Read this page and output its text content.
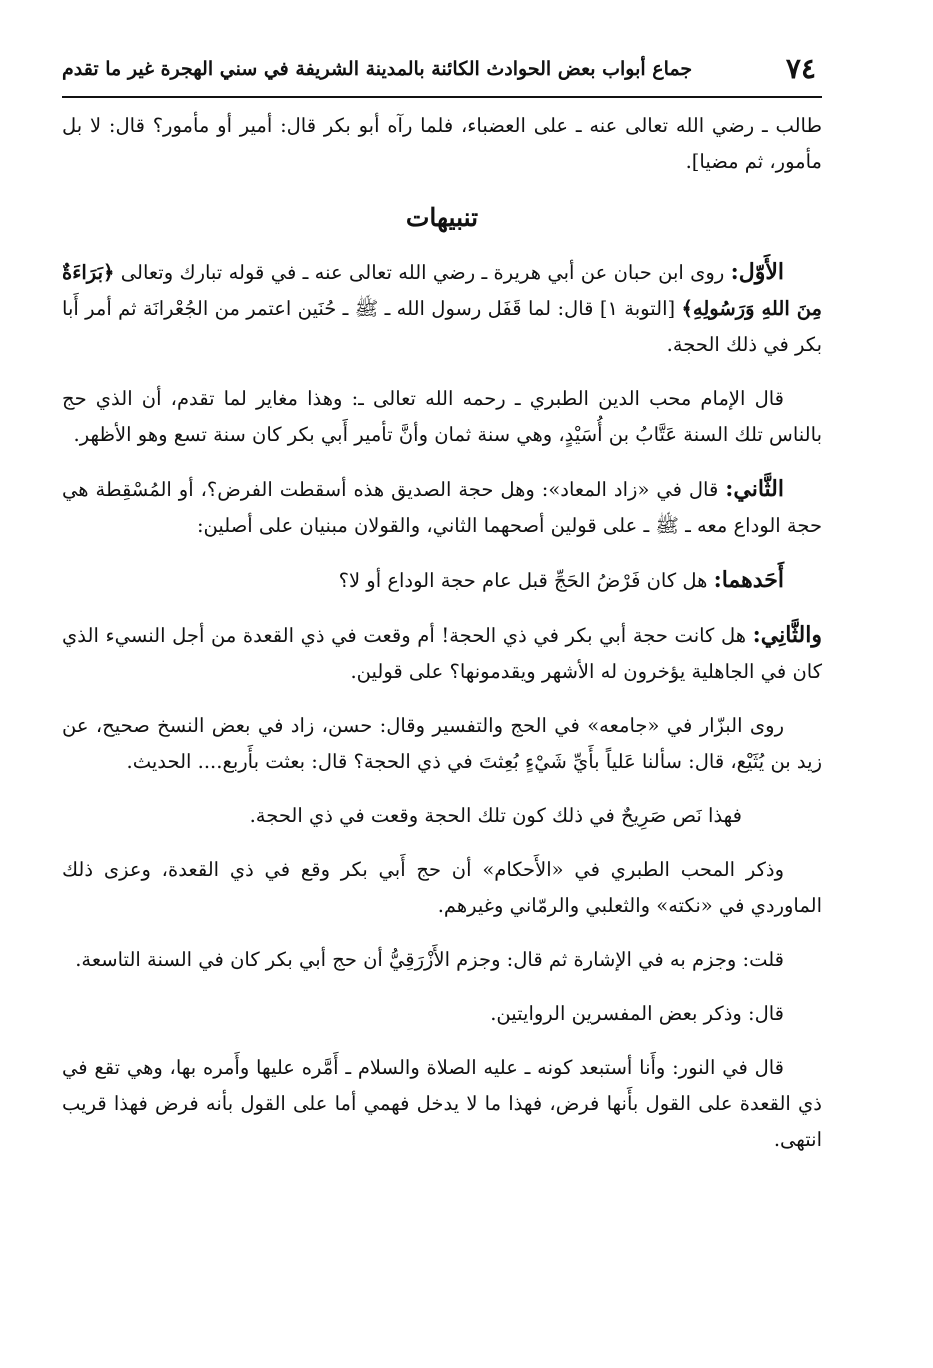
٧٤
جماع أبواب بعض الحوادث الكائنة بالمدينة الشريفة في سني الهجرة غير ما تقدم

طالب ـ رضي الله تعالى عنه ـ على العضباء، فلما رآه أبو بكر قال: أمير أو مأمور؟ قال: لا بل مأمور، ثم مضيا].

تنبيهات

الأَوّل: روى ابن حبان عن أبي هريرة ـ رضي الله تعالى عنه ـ في قوله تبارك وتعالى ﴿بَرَاءَةٌ مِنَ اللهِ وَرَسُولِهِ﴾ [التوبة ١] قال: لما قَفَل رسول الله ـ ﷺ ـ حُنَين اعتمر من الجُعْرانَة ثم أمر أَبا بكر في ذلك الحجة.

قال الإمام محب الدين الطبري ـ رحمه الله تعالى ـ: وهذا مغاير لما تقدم، أن الذي حج بالناس تلك السنة عَتَّابُ بن أُسَيْدٍ، وهي سنة ثمان وأنَّ تأمير أَبي بكر كان سنة تسع وهو الأظهر.

الثَّاني: قال في «زاد المعاد»: وهل حجة الصديق هذه أسقطت الفرض؟، أو المُسْقِطة هي حجة الوداع معه ـ ﷺ ـ على قولين أصحهما الثاني، والقولان مبنيان على أصلين:

أَحَدهما: هل كان فَرْضُ الحَجِّ قبل عام حجة الوداع أو لا؟

والثَّانِي: هل كانت حجة أبي بكر في ذي الحجة! أم وقعت في ذي القعدة من أجل النسيء الذي كان في الجاهلية يؤخرون له الأشهر ويقدمونها؟ على قولين.

روى البزّار في «جامعه» في الحج والتفسير وقال: حسن، زاد في بعض النسخ صحيح، عن زيد بن يُثَيْع، قال: سألنا عَلياً بأَيِّ شَيْءٍ بُعِثتَ في ذي الحجة؟ قال: بعثت بأَربع.... الحديث.

فهذا نَص صَرِيحٌ في ذلك كون تلك الحجة وقعت في ذي الحجة.

وذكر المحب الطبري في «الأَحكام» أن حج أَبي بكر وقع في ذي القعدة، وعزى ذلك الماوردي في «نكته» والثعلبي والرمّاني وغيرهم.

قلت: وجزم به في الإشارة ثم قال: وجزم الأَزْرَقِيُّ أن حج أبي بكر كان في السنة التاسعة.

قال: وذكر بعض المفسرين الروايتين.

قال في النور: وأَنا أستبعد كونه ـ عليه الصلاة والسلام ـ أَمَّره عليها وأَمره بها، وهي تقع في ذي القعدة على القول بأَنها فرض، فهذا ما لا يدخل فهمي أما على القول بأنه فرض فهذا قريب انتهى.
